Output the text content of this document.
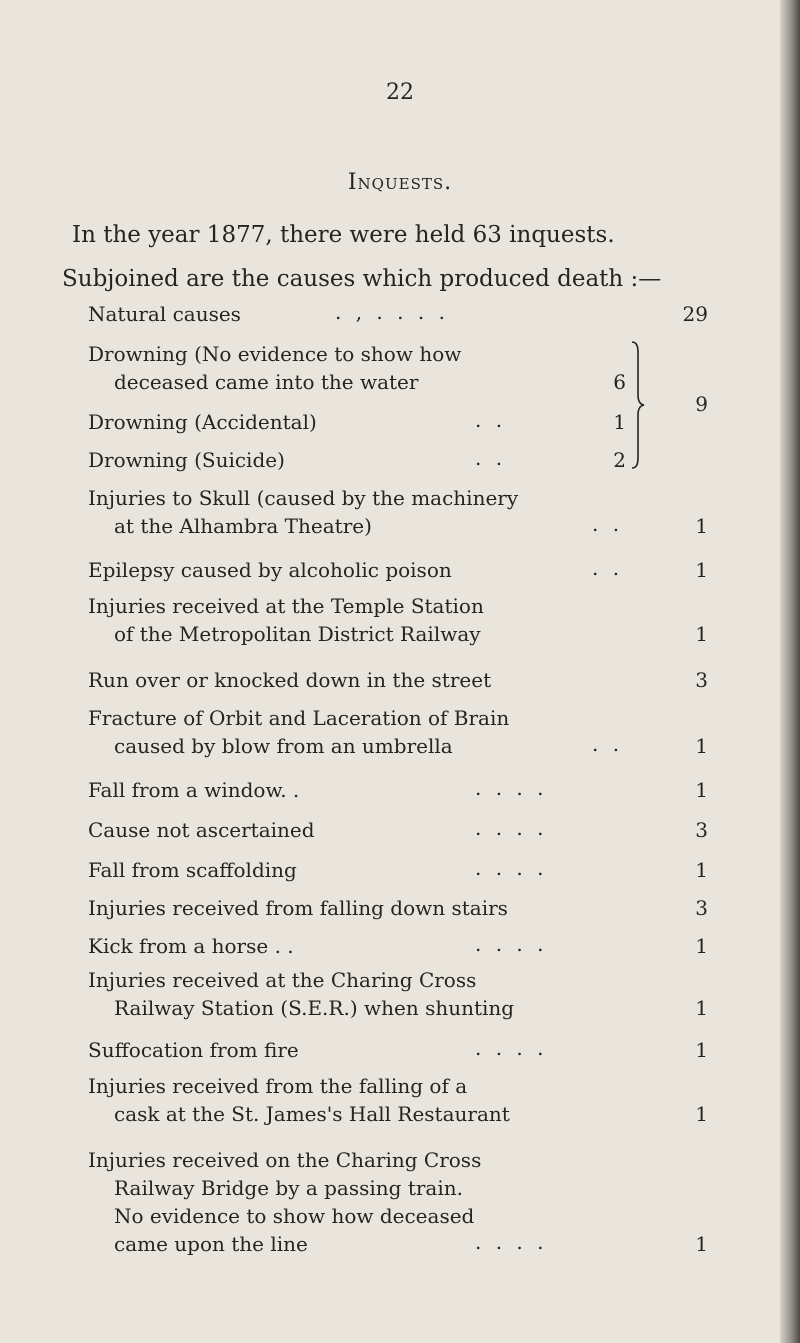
22
Inquests.
In the year 1877, there were held 63 inquests.
Subjoined are the causes which produced death :—
Natural causes	29
. , . . . .
Drowning (No evidence to show how
deceased came into the water	6
Drowning (Accidental)	. .	1
Drowning (Suicide)	. .	2
9
Injuries to Skull (caused by the machinery
at the Alhambra Theatre)	1
. .
Epilepsy caused by alcoholic poison	1
. .
Injuries received at the Temple Station
of the Metropolitan District Railway	1
Run over or knocked down in the street	3
Fracture of Orbit and Laceration of Brain
caused by blow from an umbrella	1
. .
Fall from a window. .	1
. . . .
Cause not ascertained	3
. . . .
Fall from scaffolding	1
. . . .
Injuries received from falling down stairs	3
Kick from a horse . .	1
. . . .
Injuries received at the Charing Cross
Railway Station (S.E.R.) when shunting	1
Suffocation from fire	1
. . . .
Injuries received from the falling of a
cask at the St. James's Hall Restaurant	1
Injuries received on the Charing Cross
Railway Bridge by a passing train.
No evidence to show how deceased
came upon the line	1
. . . .
